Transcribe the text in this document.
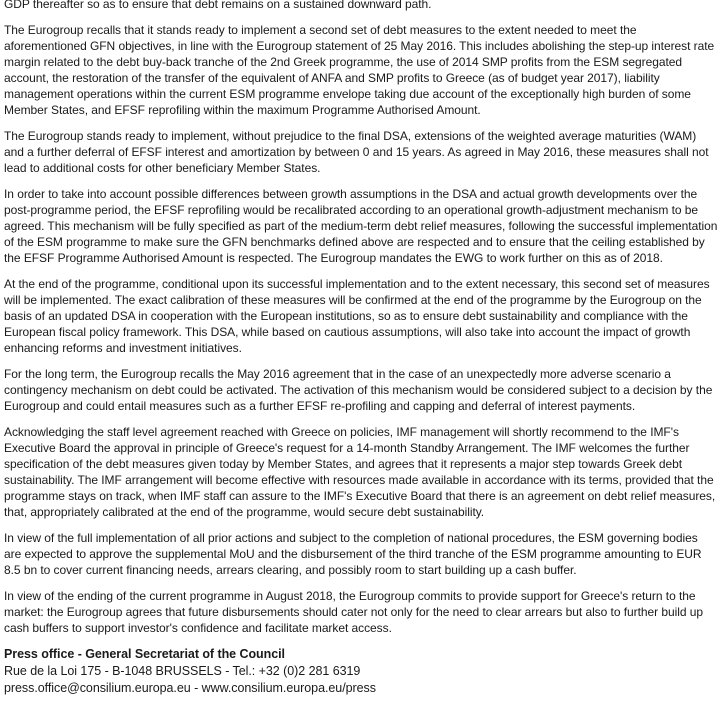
GDP thereafter so as to ensure that debt remains on a sustained downward path.

The Eurogroup recalls that it stands ready to implement a second set of debt measures to the extent needed to meet the aforementioned GFN objectives, in line with the Eurogroup statement of 25 May 2016. This includes abolishing the step-up interest rate margin related to the debt buy-back tranche of the 2nd Greek programme, the use of 2014 SMP profits from the ESM segregated account, the restoration of the transfer of the equivalent of ANFA and SMP profits to Greece (as of budget year 2017), liability management operations within the current ESM programme envelope taking due account of the exceptionally high burden of some Member States, and EFSF reprofiling within the maximum Programme Authorised Amount.

The Eurogroup stands ready to implement, without prejudice to the final DSA, extensions of the weighted average maturities (WAM) and a further deferral of EFSF interest and amortization by between 0 and 15 years. As agreed in May 2016, these measures shall not lead to additional costs for other beneficiary Member States.

In order to take into account possible differences between growth assumptions in the DSA and actual growth developments over the post-programme period, the EFSF reprofiling would be recalibrated according to an operational growth-adjustment mechanism to be agreed. This mechanism will be fully specified as part of the medium-term debt relief measures, following the successful implementation of the ESM programme to make sure the GFN benchmarks defined above are respected and to ensure that the ceiling established by the EFSF Programme Authorised Amount is respected. The Eurogroup mandates the EWG to work further on this as of 2018.

At the end of the programme, conditional upon its successful implementation and to the extent necessary, this second set of measures will be implemented. The exact calibration of these measures will be confirmed at the end of the programme by the Eurogroup on the basis of an updated DSA in cooperation with the European institutions, so as to ensure debt sustainability and compliance with the European fiscal policy framework. This DSA, while based on cautious assumptions, will also take into account the impact of growth enhancing reforms and investment initiatives.

For the long term, the Eurogroup recalls the May 2016 agreement that in the case of an unexpectedly more adverse scenario a contingency mechanism on debt could be activated. The activation of this mechanism would be considered subject to a decision by the Eurogroup and could entail measures such as a further EFSF re-profiling and capping and deferral of interest payments.

Acknowledging the staff level agreement reached with Greece on policies, IMF management will shortly recommend to the IMF's Executive Board the approval in principle of Greece's request for a 14-month Standby Arrangement. The IMF welcomes the further specification of the debt measures given today by Member States, and agrees that it represents a major step towards Greek debt sustainability. The IMF arrangement will become effective with resources made available in accordance with its terms, provided that the programme stays on track, when IMF staff can assure to the IMF's Executive Board that there is an agreement on debt relief measures, that, appropriately calibrated at the end of the programme, would secure debt sustainability.

In view of the full implementation of all prior actions and subject to the completion of national procedures, the ESM governing bodies are expected to approve the supplemental MoU and the disbursement of the third tranche of the ESM programme amounting to EUR 8.5 bn to cover current financing needs, arrears clearing, and possibly room to start building up a cash buffer.

In view of the ending of the current programme in August 2018, the Eurogroup commits to provide support for Greece's return to the market: the Eurogroup agrees that future disbursements should cater not only for the need to clear arrears but also to further build up cash buffers to support investor's confidence and facilitate market access.

Press office - General Secretariat of the Council

Rue de la Loi 175 - B-1048 BRUSSELS - Tel.: +32 (0)2 281 6319

press.office@consilium.europa.eu - www.consilium.europa.eu/press
